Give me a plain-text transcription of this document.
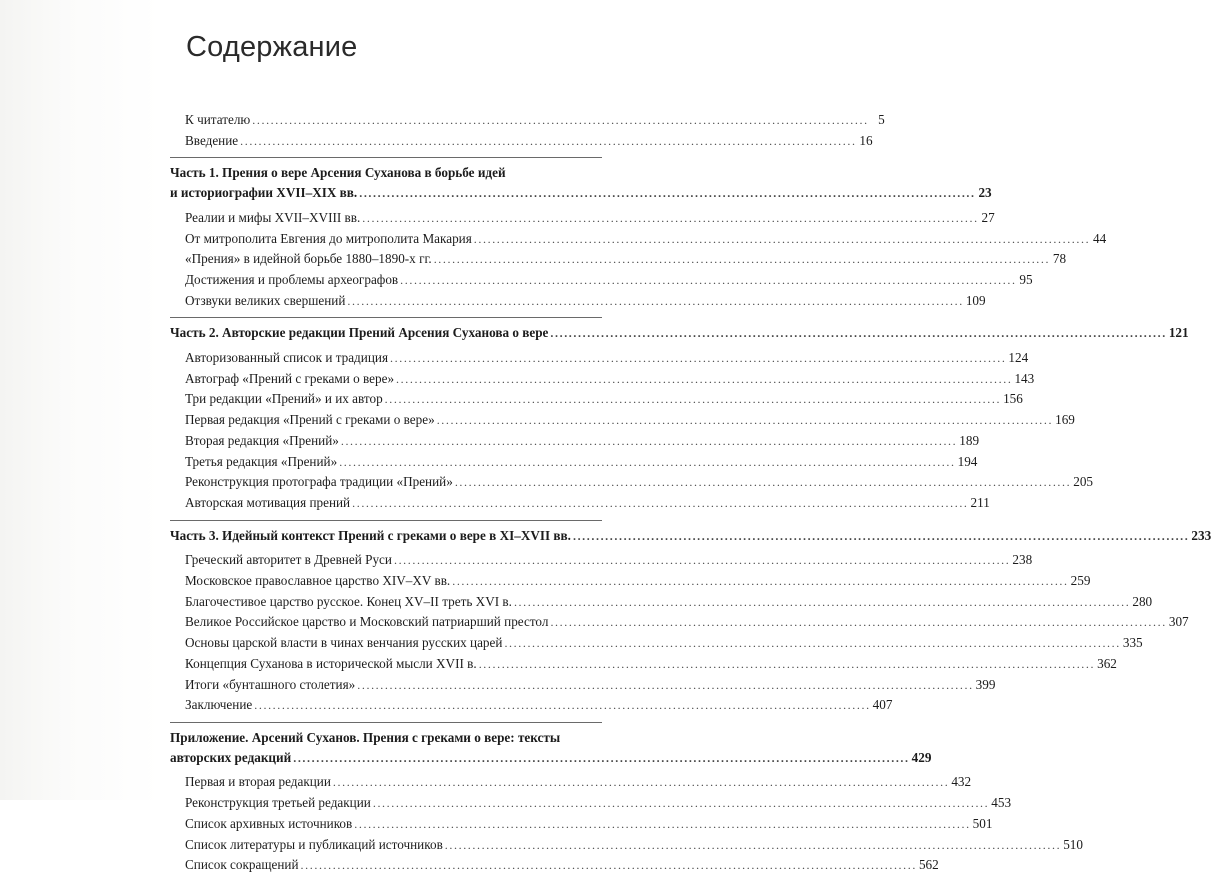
Содержание
К читателю ...................................................................................................................................... 5
Введение ...................................................................................................................................... 16
Часть 1. Прения о вере Арсения Суханова в борьбе идей
и историографии XVII–XIX вв. ...................................................................................................................................... 23
Реалии и мифы XVII–XVIII вв. ...................................................................................................................................... 27
От митрополита Евгения до митрополита Макария ...................................................................................................................................... 44
«Прения» в идейной борьбе 1880–1890-х гг. ...................................................................................................................................... 78
Достижения и проблемы археографов ...................................................................................................................................... 95
Отзвуки великих свершений ...................................................................................................................................... 109
Часть 2. Авторские редакции Прений Арсения Суханова о вере ...................................................................................................................................... 121
Авторизованный список и традиция ...................................................................................................................................... 124
Автограф «Прений с греками о вере» ...................................................................................................................................... 143
Три редакции «Прений» и их автор ...................................................................................................................................... 156
Первая редакция «Прений с греками о вере» ...................................................................................................................................... 169
Вторая редакция «Прений» ...................................................................................................................................... 189
Третья редакция «Прений» ...................................................................................................................................... 194
Реконструкция протографа традиции «Прений» ...................................................................................................................................... 205
Авторская мотивация прений ...................................................................................................................................... 211
Часть 3. Идейный контекст Прений с греками о вере в XI–XVII вв. ...................................................................................................................................... 233
Греческий авторитет в Древней Руси ...................................................................................................................................... 238
Московское православное царство XIV–XV вв. ...................................................................................................................................... 259
Благочестивое царство русское. Конец XV–II треть XVI в. ...................................................................................................................................... 280
Великое Российское царство и Московский патриарший престол ...................................................................................................................................... 307
Основы царской власти в чинах венчания русских царей ...................................................................................................................................... 335
Концепция Суханова в исторической мысли XVII в. ...................................................................................................................................... 362
Итоги «бунташного столетия» ...................................................................................................................................... 399
Заключение ...................................................................................................................................... 407
Приложение. Арсений Суханов. Прения с греками о вере: тексты
авторских редакций ...................................................................................................................................... 429
Первая и вторая редакции ...................................................................................................................................... 432
Реконструкция третьей редакции ...................................................................................................................................... 453
Список архивных источников ...................................................................................................................................... 501
Список литературы и публикаций источников ...................................................................................................................................... 510
Список сокращений ...................................................................................................................................... 562
